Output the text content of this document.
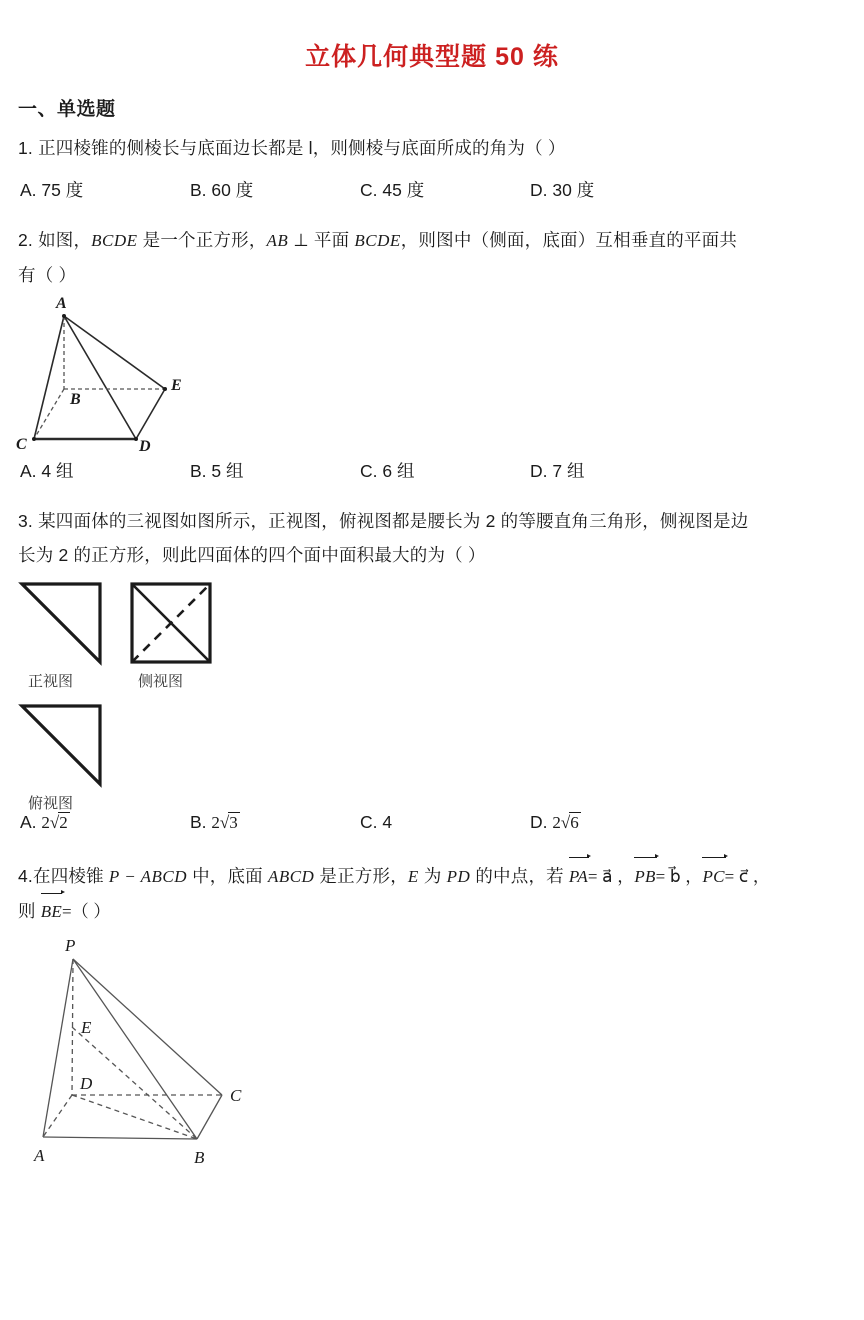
立体几何典型题 50 练
一、单选题
1. 正四棱锥的侧棱长与底面边长都是 l，则侧棱与底面所成的角为（ ）
A. 75 度	B. 60 度	C. 45 度	D. 30 度
2. 如图，BCDE 是一个正方形，AB ⊥ 平面 BCDE，则图中（侧面，底面）互相垂直的平面共
有（ ）
A
B
C	D
E
A. 4 组	B. 5 组	C. 6 组	D. 7 组
3. 某四面体的三视图如图所示，正视图，俯视图都是腰长为 2 的等腰直角三角形，侧视图是边
长为 2 的正方形，则此四面体的四个面中面积最大的为（ ）
正视图	侧视图
俯视图
A. 2√2	B. 2√3	C. 4	D. 2√6
4.在四棱锥 P − ABCD 中，底面 ABCD 是正方形，E 为 PD 的中点，若
PA= a⃗ ，
PB= b⃗ ，
PC= c⃗ ，
则
BE=（ ）
P
E
D
C
A	B
